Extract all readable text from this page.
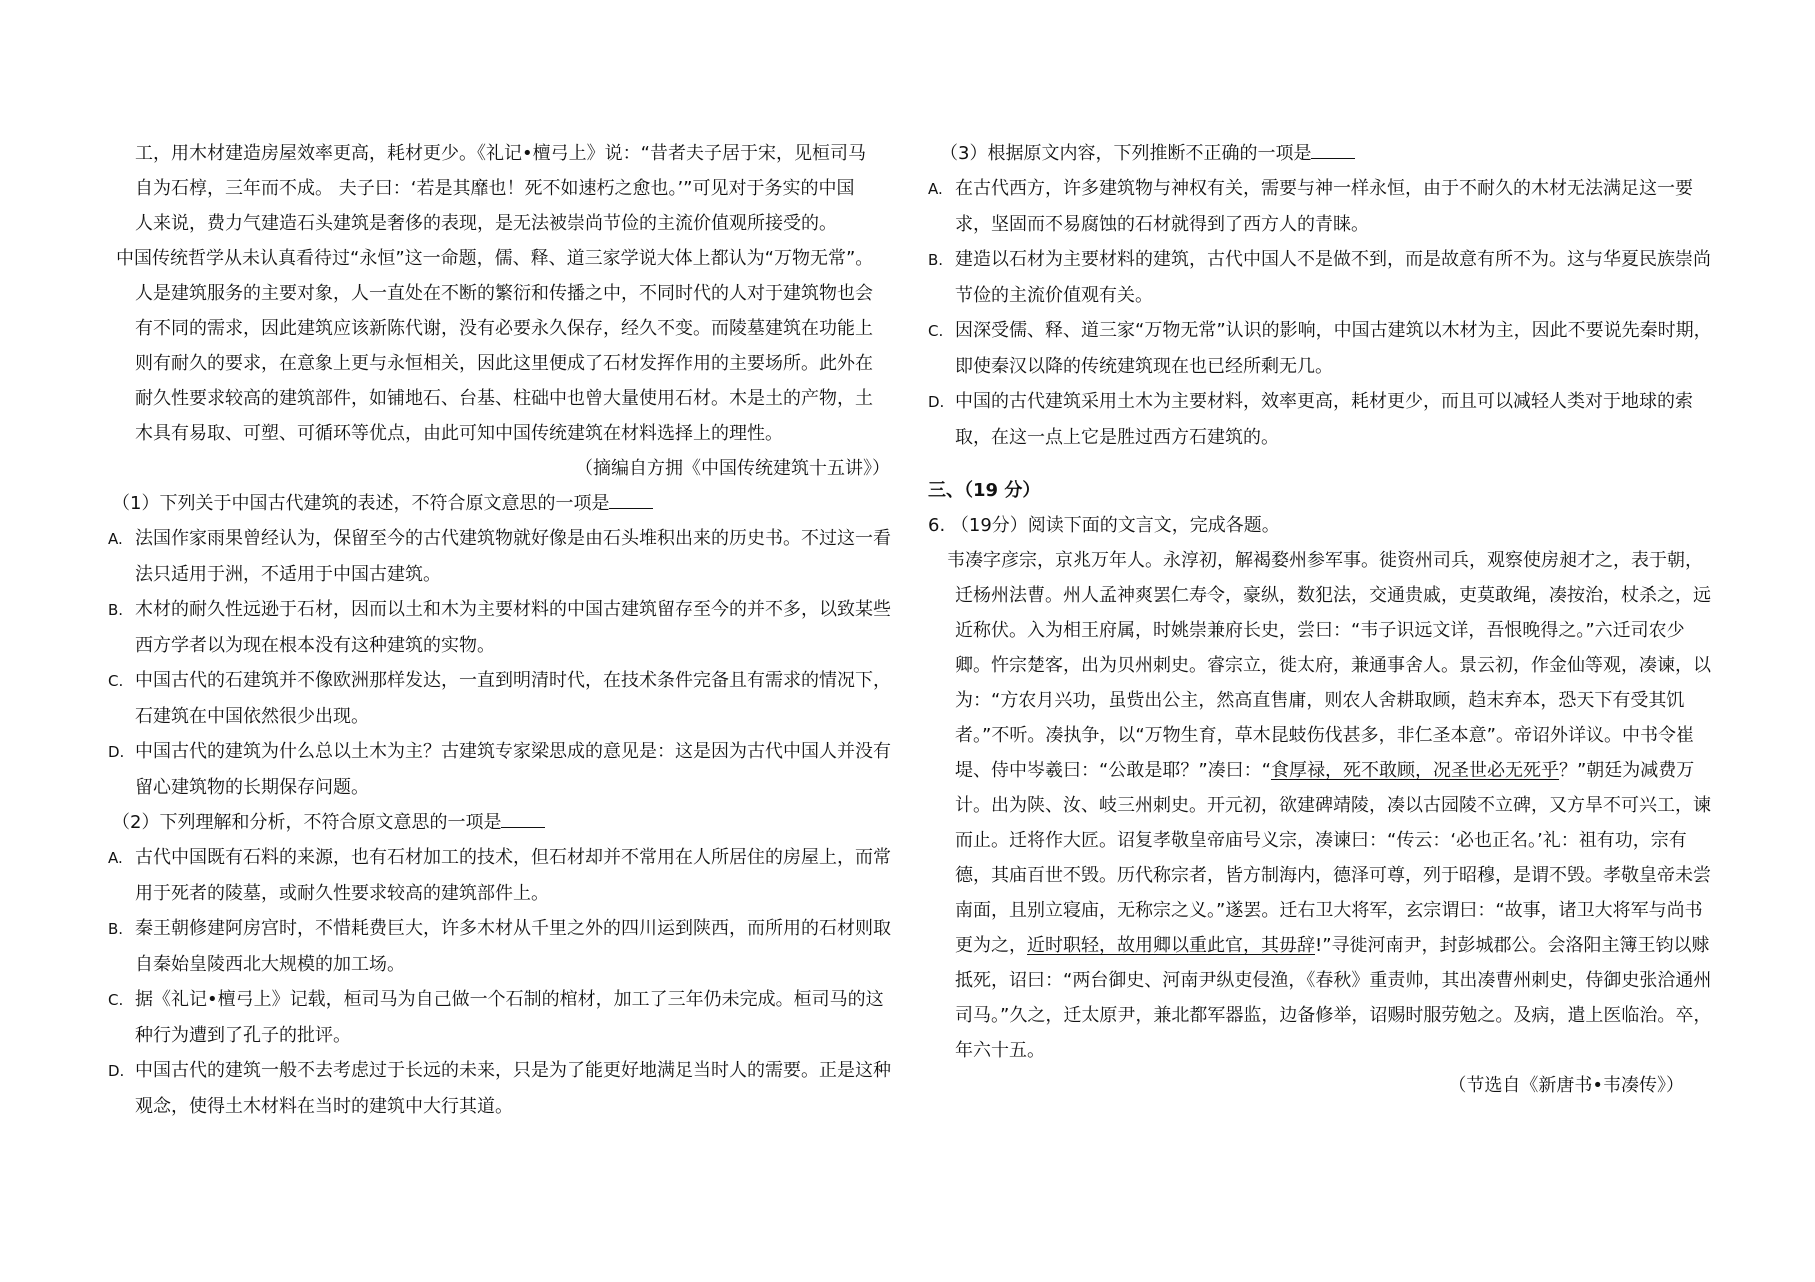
工，用木材建造房屋效率更高，耗材更少。《礼记•檀弓上》说：“昔者夫子居于宋，见桓司马

自为石椁，三年而不成。 夫子曰：‘若是其靡也！死不如速朽之愈也。’”可见对于务实的中国

人来说，费力气建造石头建筑是奢侈的表现，是无法被崇尚节俭的主流价值观所接受的。

中国传统哲学从未认真看待过“永恒”这一命题，儒、释、道三家学说大体上都认为“万物无常”。

人是建筑服务的主要对象，人一直处在不断的繁衍和传播之中，不同时代的人对于建筑物也会

有不同的需求，因此建筑应该新陈代谢，没有必要永久保存，经久不变。而陵墓建筑在功能上

则有耐久的要求，在意象上更与永恒相关，因此这里便成了石材发挥作用的主要场所。此外在

耐久性要求较高的建筑部件，如铺地石、台基、柱础中也曾大量使用石材。木是土的产物，土

木具有易取、可塑、可循环等优点，由此可知中国传统建筑在材料选择上的理性。

（摘编自方拥《中国传统建筑十五讲》）

（1）下列关于中国古代建筑的表述，不符合原文意思的一项是

A. 法国作家雨果曾经认为，保留至今的古代建筑物就好像是由石头堆积出来的历史书。不过这一看法只适用于洲，不适用于中国古建筑。

B. 木材的耐久性远逊于石材，因而以土和木为主要材料的中国古建筑留存至今的并不多，以致某些西方学者以为现在根本没有这种建筑的实物。

C. 中国古代的石建筑并不像欧洲那样发达，一直到明清时代，在技术条件完备且有需求的情况下，石建筑在中国依然很少出现。

D. 中国古代的建筑为什么总以土木为主？古建筑专家梁思成的意见是：这是因为古代中国人并没有留心建筑物的长期保存问题。

（2）下列理解和分析，不符合原文意思的一项是

A. 古代中国既有石料的来源，也有石材加工的技术，但石材却并不常用在人所居住的房屋上，而常用于死者的陵墓，或耐久性要求较高的建筑部件上。

B. 秦王朝修建阿房宫时，不惜耗费巨大，许多木材从千里之外的四川运到陕西，而所用的石材则取自秦始皇陵西北大规模的加工场。

C. 据《礼记•檀弓上》记载，桓司马为自己做一个石制的棺材，加工了三年仍未完成。桓司马的这种行为遭到了孔子的批评。

D. 中国古代的建筑一般不去考虑过于长远的未来，只是为了能更好地满足当时人的需要。正是这种观念，使得土木材料在当时的建筑中大行其道。

（3）根据原文内容，下列推断不正确的一项是

A. 在古代西方，许多建筑物与神权有关，需要与神一样永恒，由于不耐久的木材无法满足这一要求，坚固而不易腐蚀的石材就得到了西方人的青睐。

B. 建造以石材为主要材料的建筑，古代中国人不是做不到，而是故意有所不为。这与华夏民族崇尚节俭的主流价值观有关。

C. 因深受儒、释、道三家“万物无常”认识的影响，中国古建筑以木材为主，因此不要说先秦时期，即使秦汉以降的传统建筑现在也已经所剩无几。

D. 中国的古代建筑采用土木为主要材料，效率更高，耗材更少，而且可以减轻人类对于地球的索取，在这一点上它是胜过西方石建筑的。

三、（19 分）

6. （19分）阅读下面的文言文，完成各题。

韦凑字彦宗，京兆万年人。永淳初，解褐婺州参军事。徙资州司兵，观察使房昶才之，表于朝，迁杨州法曹。州人孟神爽罢仁寿令，豪纵，数犯法，交通贵戚，吏莫敢绳，凑按治，杖杀之，远近称伏。入为相王府属，时姚崇兼府长史，尝曰：“韦子识远文详，吾恨晚得之。”六迁司农少卿。忤宗楚客，出为贝州刺史。睿宗立，徙太府，兼通事舍人。景云初，作金仙等观，凑谏，以为：“方农月兴功，虽赀出公主，然高直售庸，则农人舍耕取顾，趋末弃本，恐天下有受其饥者。”不听。凑执争，以“万物生育，草木昆蚑伤伐甚多，非仁圣本意”。帝诏外详议。中书令崔堤、侍中岑羲曰：“公敢是耶？”凑曰：“食厚禄，死不敢顾，况圣世必无死乎？”朝廷为减费万计。出为陕、汝、岐三州刺史。开元初，欲建碑靖陵，凑以古园陵不立碑，又方旱不可兴工，谏而止。迁将作大匠。诏复孝敬皇帝庙号义宗，凑谏曰：“传云：‘必也正名。’礼：祖有功，宗有德，其庙百世不毁。历代称宗者，皆方制海内，德泽可尊，列于昭穆，是谓不毁。孝敬皇帝未尝南面，且别立寝庙，无称宗之义。”遂罢。迁右卫大将军，玄宗谓曰：“故事，诸卫大将军与尚书更为之，近时职轻，故用卿以重此官，其毋辞!”寻徙河南尹，封彭城郡公。会洛阳主簿王钧以赇抵死，诏曰：“两台御史、河南尹纵吏侵渔，《春秋》重责帅，其出凑曹州刺史，侍御史张洽通州司马。”久之，迁太原尹，兼北都军器监，边备修举，诏赐时服劳勉之。及病，遣上医临治。卒，年六十五。

（节选自《新唐书•韦凑传》）
